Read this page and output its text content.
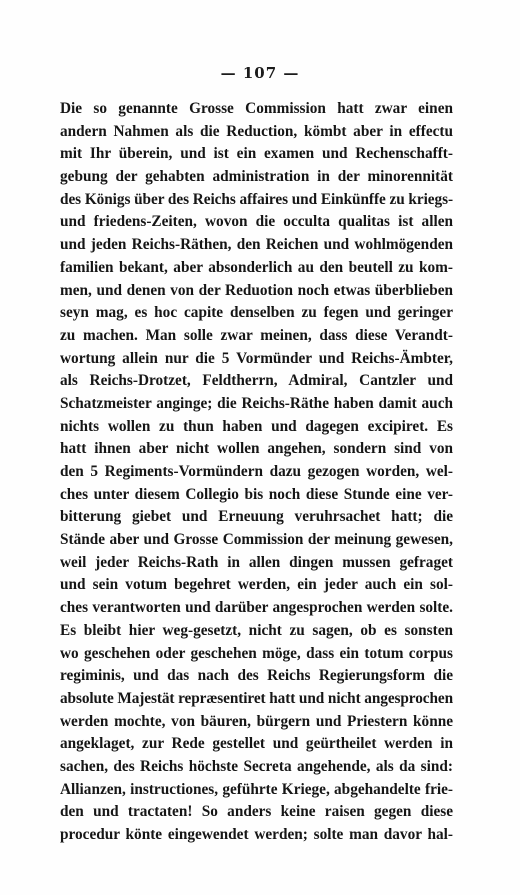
— 107 —
Die so genannte Grosse Commission hatt zwar einen
andern Nahmen als die Reduction, kömbt aber in effectu
mit Ihr überein, und ist ein examen und Rechenschafft-
gebung der gehabten administration in der minorennität
des Königs über des Reichs affaires und Einkünffe zu kriegs-
und friedens-Zeiten, wovon die occulta qualitas ist allen
und jeden Reichs-Räthen, den Reichen und wohlmögenden
familien bekant, aber absonderlich au den beutell zu kom-
men, und denen von der Reduotion noch etwas überblieben
seyn mag, es hoc capite denselben zu fegen und geringer
zu machen. Man solle zwar meinen, dass diese Verandt-
wortung allein nur die 5 Vormünder und Reichs-Ämbter,
als Reichs-Drotzet, Feldtherrn, Admiral, Cantzler und
Schatzmeister anginge; die Reichs-Räthe haben damit auch
nichts wollen zu thun haben und dagegen excipiret. Es
hatt ihnen aber nicht wollen angehen, sondern sind von
den 5 Regiments-Vormündern dazu gezogen worden, wel-
ches unter diesem Collegio bis noch diese Stunde eine ver-
bitterung giebet und Erneuung veruhrsachet hatt; die
Stände aber und Grosse Commission der meinung gewesen,
weil jeder Reichs-Rath in allen dingen mussen gefraget
und sein votum begehret werden, ein jeder auch ein sol-
ches verantworten und darüber angesprochen werden solte.
Es bleibt hier weg-gesetzt, nicht zu sagen, ob es sonsten
wo geschehen oder geschehen möge, dass ein totum corpus
regiminis, und das nach des Reichs Regierungsform die
absolute Majestät repræsentiret hatt und nicht angesprochen
werden mochte, von bäuren, bürgern und Priestern könne
angeklaget, zur Rede gestellet und geürtheilet werden in
sachen, des Reichs höchste Secreta angehende, als da sind:
Allianzen, instructiones, geführte Kriege, abgehandelte frie-
den und tractaten! So anders keine raisen gegen diese
procedur könte eingewendet werden; solte man davor hal-
